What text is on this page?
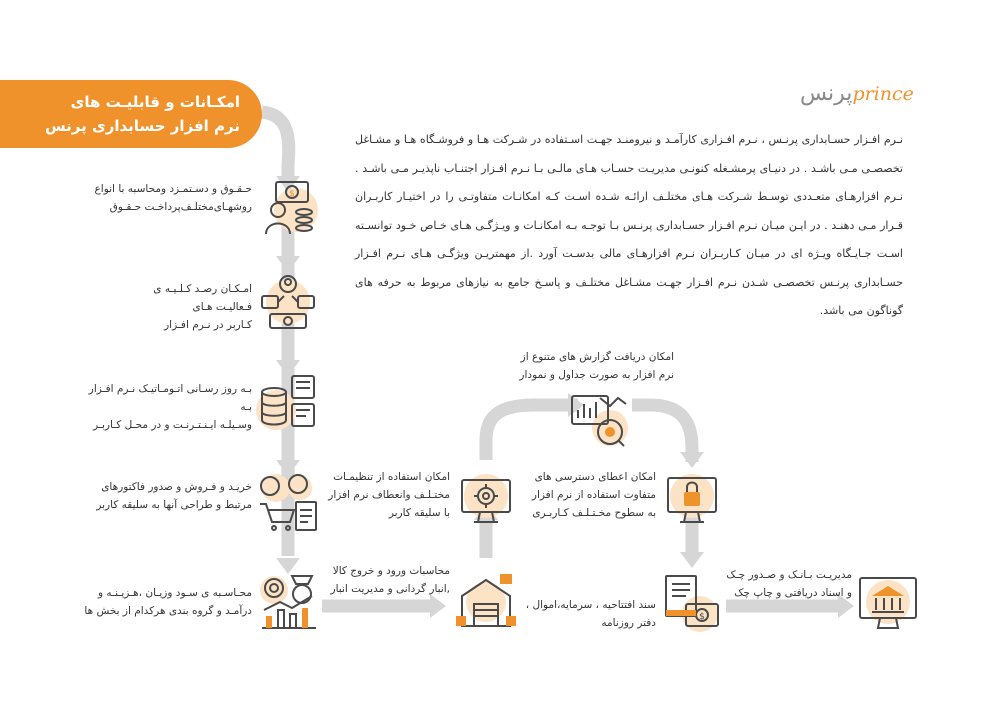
پرنسprince
امکـانات و قابلیـت های
نرم افزار حسابداری پرنس
نـرم افـزار حسـابداری پرنـس ، نـرم افـزاری کارآمـد و نیرومنـد جهـت اسـتفاده در شـرکت هـا و فروشـگاه هـا و مشـاغل تخصصـی مـی باشـد . در دنیـای پرمشـغله کنونـی مدیریـت حسـاب هـای مالـی بـا نـرم افـزار اجتنـاب ناپذیـر مـی باشـد . نـرم افزارهـای متعـددی توسـط شـرکت هـای مختلـف ارائـه شـده اسـت کـه امکانـات متفاوتـی را در اختیـار کاربـران قـرار مـی دهنـد . در ایـن میـان نـرم افـزار حسـابداری پرنـس بـا توجـه بـه امکانـات و ویـژگـی هـای خـاص خـود توانسـته اسـت جـایـگاه ویـژه ای در میـان کـاربـران نـرم افزارهـای مالی بدسـت آورد .از مهمتریـن ویژگـی هـای نـرم افـزار حسـابداری پرنـس تخصصـی شـدن نـرم افـزار جهـت مشـاغل مختلـف و پاسـخ جامع به نیازهای مربوط به حرفه های گوناگون می باشد.
$
$
حـقـوق و دسـتمـزد ومحاسبه با انواع
روشهـای‌مختلـف‌پرداخـت حـقـوق
امـکـان رصـد کـلـیـه ی فـعالیـت هـای
کـاربر در نـرم افـزار
بـه روز رسـانی اتـومـاتیـک نـرم افـزار بـه
وسـیلـه ایـنـتـرنـت و در محـل کـاربـر
خریـد و فـروش و صدور فاکتورهای
مرتبط و طراحی آنها به سلیقه کاربر
محـاسـبه ی سـود وزیـان ،هـزیـنـه و
درآمـد و گروه بندی هرکدام از بخش ها
محاسبات ورود و خروج کالا
,انبار گردانی و مدیریت انبار
امکان استفاده از تنظیمـات
مختـلـف وانعطاف نرم افزار
با سلیقه کاربر
امکان دریافت گزارش های متنوع از
نرم افزار به صورت جداول و نمودار
امکان اعطای دسترسی های
متفاوت استفاده از نرم افزار
به سطوح مخـتـلـف کـاربـری
سند افتتاحیه ، سرمایه،اموال ،
دفتر روزنامه
مدیریـت بـانـک و صـدور چـک
و اسناد دریافتی و چاپ چک
